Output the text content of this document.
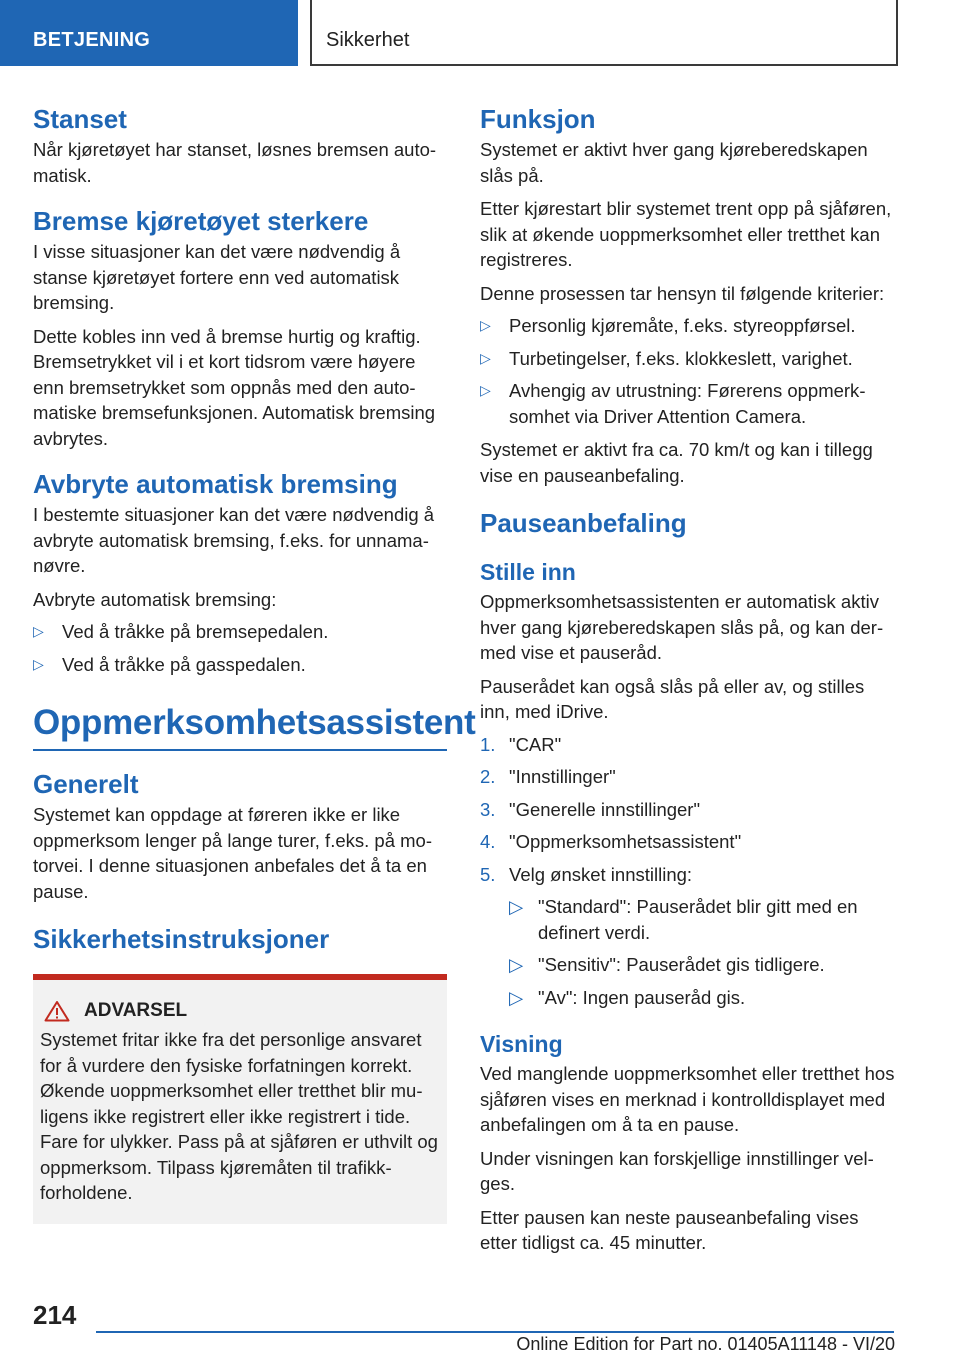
BETJENING	Sikkerhet
Stanset

Når kjøretøyet har stanset, løsnes bremsen automatisk.

Bremse kjøretøyet sterkere

I visse situasjoner kan det være nødvendig å stanse kjøretøyet fortere enn ved automatisk bremsing.

Dette kobles inn ved å bremse hurtig og kraftig. Bremsetrykket vil i et kort tidsrom være høyere enn bremsetrykket som oppnås med den automatiske bremsefunksjonen. Automatisk bremsing avbrytes.

Avbryte automatisk bremsing

I bestemte situasjoner kan det være nødvendig å avbryte automatisk bremsing, f.eks. for unnamanøvre.

Avbryte automatisk bremsing:

▷ Ved å tråkke på bremsepedalen.
▷ Ved å tråkke på gasspedalen.
Oppmerksomhetsassistent
Generelt

Systemet kan oppdage at føreren ikke er like oppmerksom lenger på lange turer, f.eks. på motorvei. I denne situasjonen anbefales det å ta en pause.

Sikkerhetsinstruksjoner
ADVARSEL

Systemet fritar ikke fra det personlige ansvaret for å vurdere den fysiske forfatningen korrekt. Økende uoppmerksomhet eller tretthet blir muligens ikke registrert eller ikke registrert i tide. Fare for ulykker. Pass på at sjåføren er uthvilt og oppmerksom. Tilpass kjøremåten til trafikkforholdene.

Funksjon

Systemet er aktivt hver gang kjøreberedskapen slås på.

Etter kjørestart blir systemet trent opp på sjåføren, slik at økende uoppmerksomhet eller tretthet kan registreres.

Denne prosessen tar hensyn til følgende kriterier:

▷ Personlig kjøremåte, f.eks. styreoppførsel.
▷ Turbetingelser, f.eks. klokkeslett, varighet.
▷ Avhengig av utrustning: Førerens oppmerksomhet via Driver Attention Camera.

Systemet er aktivt fra ca. 70 km/t og kan i tillegg vise en pauseanbefaling.

Pauseanbefaling
Stille inn

Oppmerksomhetsassistenten er automatisk aktiv hver gang kjøreberedskapen slås på, og kan dermed vise et pauseråd.

Pauserådet kan også slås på eller av, og stilles inn, med iDrive.

1. "CAR"
2. "Innstillinger"
3. "Generelle innstillinger"
4. "Oppmerksomhetsassistent"
5. Velg ønsket innstilling:
▷ "Standard": Pauserådet blir gitt med en definert verdi.
▷ "Sensitiv": Pauserådet gis tidligere.
▷ "Av": Ingen pauseråd gis.
Visning

Ved manglende uoppmerksomhet eller tretthet hos sjåføren vises en merknad i kontrolldisplayet med anbefalingen om å ta en pause.

Under visningen kan forskjellige innstillinger velges.

Etter pausen kan neste pauseanbefaling vises etter tidligst ca. 45 minutter.

214
Online Edition for Part no. 01405A11148 - VI/20
